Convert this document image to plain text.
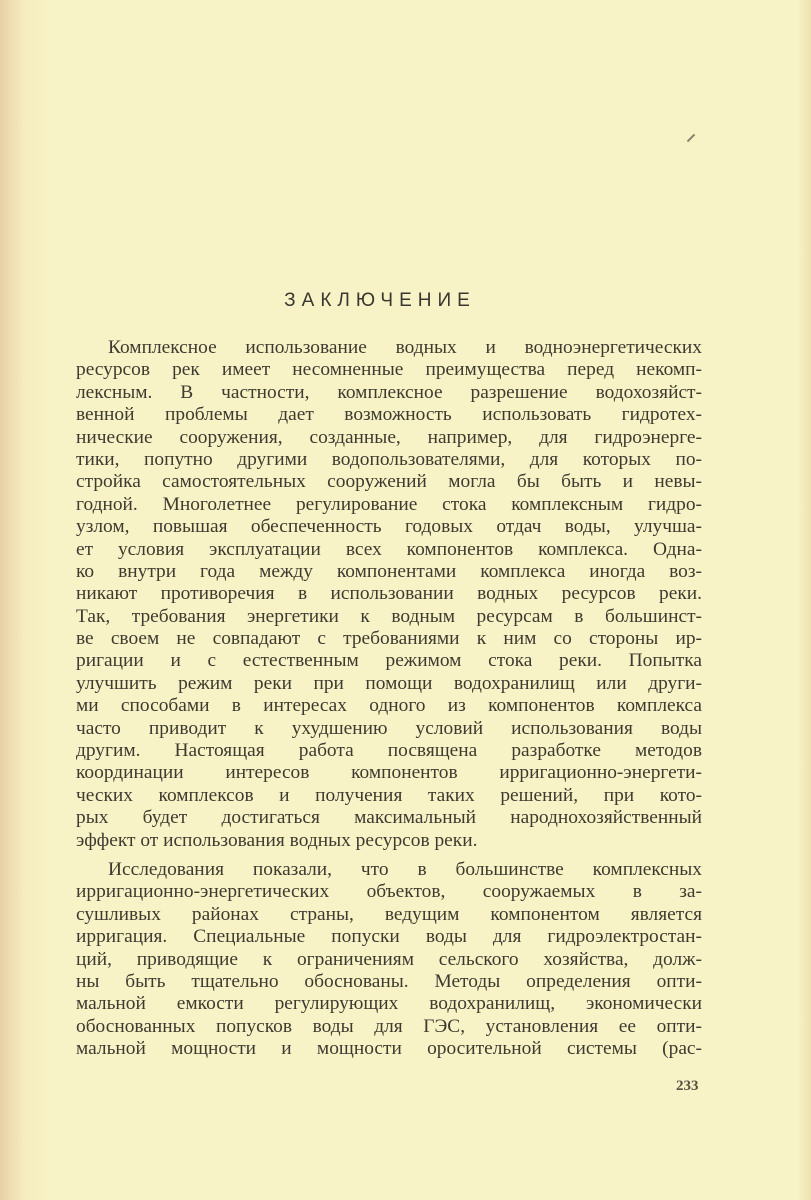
ЗАКЛЮЧЕНИЕ
Комплексное использование водных и водноэнергетических
ресурсов рек имеет несомненные преимущества перед некомп-
лексным. В частности, комплексное разрешение водохозяйст-
венной проблемы дает возможность использовать гидротех-
нические сооружения, созданные, например, для гидроэнерге-
тики, попутно другими водопользователями, для которых по-
стройка самостоятельных сооружений могла бы быть и невы-
годной. Многолетнее регулирование стока комплексным гидро-
узлом, повышая обеспеченность годовых отдач воды, улучша-
ет условия эксплуатации всех компонентов комплекса. Одна-
ко внутри года между компонентами комплекса иногда воз-
никают противоречия в использовании водных ресурсов реки.
Так, требования энергетики к водным ресурсам в большинст-
ве своем не совпадают с требованиями к ним со стороны ир-
ригации и с естественным режимом стока реки. Попытка
улучшить режим реки при помощи водохранилищ или други-
ми способами в интересах одного из компонентов комплекса
часто приводит к ухудшению условий использования воды
другим. Настоящая работа посвящена разработке методов
координации интересов компонентов ирригационно-энергети-
ческих комплексов и получения таких решений, при кото-
рых будет достигаться максимальный народнохозяйственный
эффект от использования водных ресурсов реки.
Исследования показали, что в большинстве комплексных
ирригационно-энергетических объектов, сооружаемых в за-
сушливых районах страны, ведущим компонентом является
ирригация. Специальные попуски воды для гидроэлектростан-
ций, приводящие к ограничениям сельского хозяйства, долж-
ны быть тщательно обоснованы. Методы определения опти-
мальной емкости регулирующих водохранилищ, экономически
обоснованных попусков воды для ГЭС, установления ее опти-
мальной мощности и мощности оросительной системы (рас-
233
